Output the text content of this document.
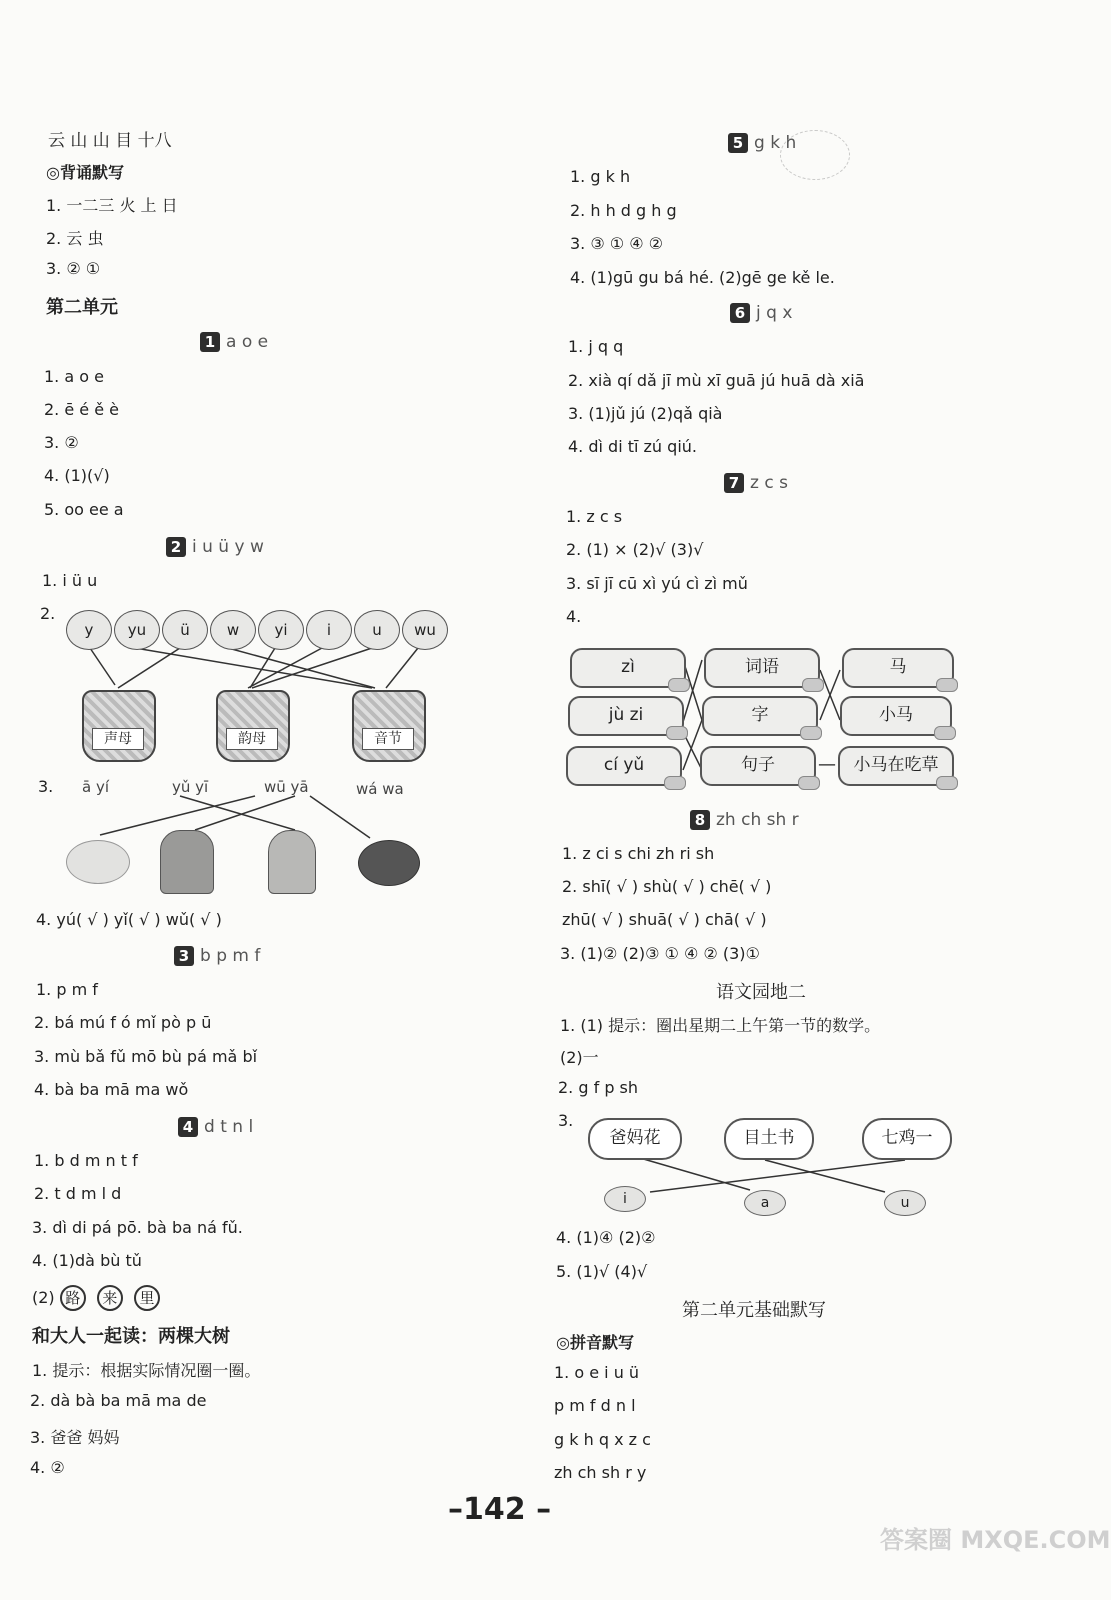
云 山 山 目 十八
◎背诵默写
1. 一二三 火 上 日
2. 云 虫
3. ② ①
第二单元
1 a o e
1. a o e
2. ē é ě è
3. ②
4. (1)(√)
5. oo ee a
2 i u ü y w
1. i ü u
2.
y	yu	ü	w	yi	i	u	wu
声母	韵母	音节
3. ā yí	yǔ yī	wū yā	wá wa
4. yú( √ ) yǐ( √ ) wǔ( √ )
3 b p m f
1. p m f
2. bá mú f ó mǐ pò p ū
3. mù bǎ fǔ mō bù pá mǎ bǐ
4. bà ba mā ma wǒ
4 d t n l
1. b d m n t f
2. t d m l d
3. dì di pá pō. bà ba ná fǔ.
4. (1)dà bù tǔ
(2) 路 来 里
和大人一起读：两棵大树
1. 提示：根据实际情况圈一圈。
2. dà bà ba mā ma de
3. 爸爸 妈妈
4. ②
5 g k h
1. g k h
2. h h d g h g
3. ③ ① ④ ②
4. (1)gū gu bá hé. (2)gē ge kě le.
6 j q x
1. j q q
2. xià qí dǎ jī mù xī guā jú huā dà xiā
3. (1)jǔ jú (2)qǎ qià
4. dì di tī zú qiú.
7 z c s
1. z c s
2. (1) × (2)√ (3)√
3. sī jī cū xì yú cì zì mǔ
4.
zì	词语	马
jù zi	字	小马
cí yǔ	句子	—	小马在吃草
8 zh ch sh r
1. z ci s chi zh ri sh
2. shī( √ ) shù( √ ) chē( √ )
zhū( √ ) shuā( √ ) chā( √ )
3. (1)② (2)③ ① ④ ② (3)①
语文园地二
1. (1) 提示：圈出星期二上午第一节的数学。
(2)一
2. g f p sh
3.
爸妈花	目土书	七鸡一
i	a	u
4. (1)④ (2)②
5. (1)√ (4)√
第二单元基础默写
◎拼音默写
1. o e i u ü
p m f d n l
g k h q x z c
zh ch sh r y
–142 –
答案圈 MXQE.COM
